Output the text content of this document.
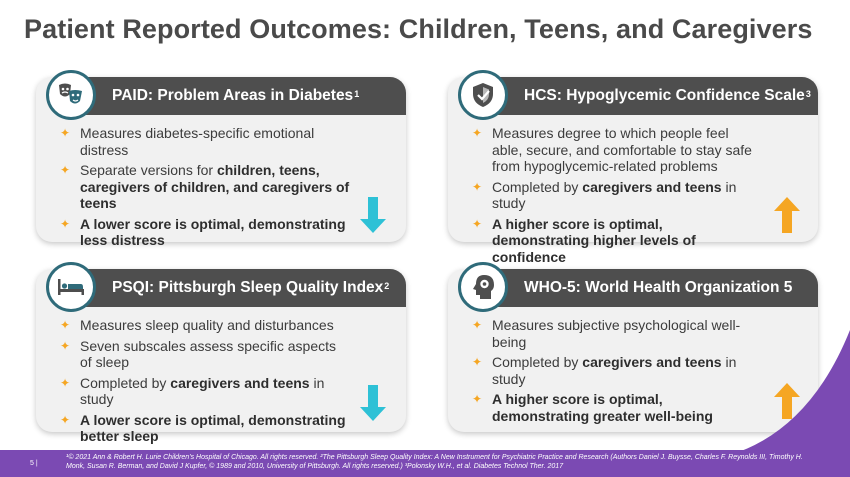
Patient Reported Outcomes: Children, Teens, and Caregivers
PAID: Problem Areas in Diabetes$^1$
✦ Measures diabetes-specific emotional distress
✦ Separate versions for children, teens, caregivers of children, and caregivers of teens
✦ A lower score is optimal, demonstrating less distress
HCS: Hypoglycemic Confidence Scale$^3$
✦ Measures degree to which people feel able, secure, and comfortable to stay safe from hypoglycemic-related problems
✦ Completed by caregivers and teens in study
✦ A higher score is optimal, demonstrating higher levels of confidence
PSQI: Pittsburgh Sleep Quality Index$^2$
✦ Measures sleep quality and disturbances
✦ Seven subscales assess specific aspects of sleep
✦ Completed by caregivers and teens in study
✦ A lower score is optimal, demonstrating better sleep
WHO-5: World Health Organization 5
✦ Measures subjective psychological well-being
✦ Completed by caregivers and teens in study
✦ A higher score is optimal, demonstrating greater well-being
5 |
¹© 2021 Ann & Robert H. Lurie Children’s Hospital of Chicago. All rights reserved. ²The Pittsburgh Sleep Quality Index: A New Instrument for Psychiatric Practice and Research (Authors Daniel J. Buysse, Charles F. Reynolds III, Timothy H. Monk, Susan R. Berman, and David J Kupfer, © 1989 and 2010, University of Pittsburgh. All rights reserved.) ³Polonsky W.H., et al. Diabetes Technol Ther. 2017
